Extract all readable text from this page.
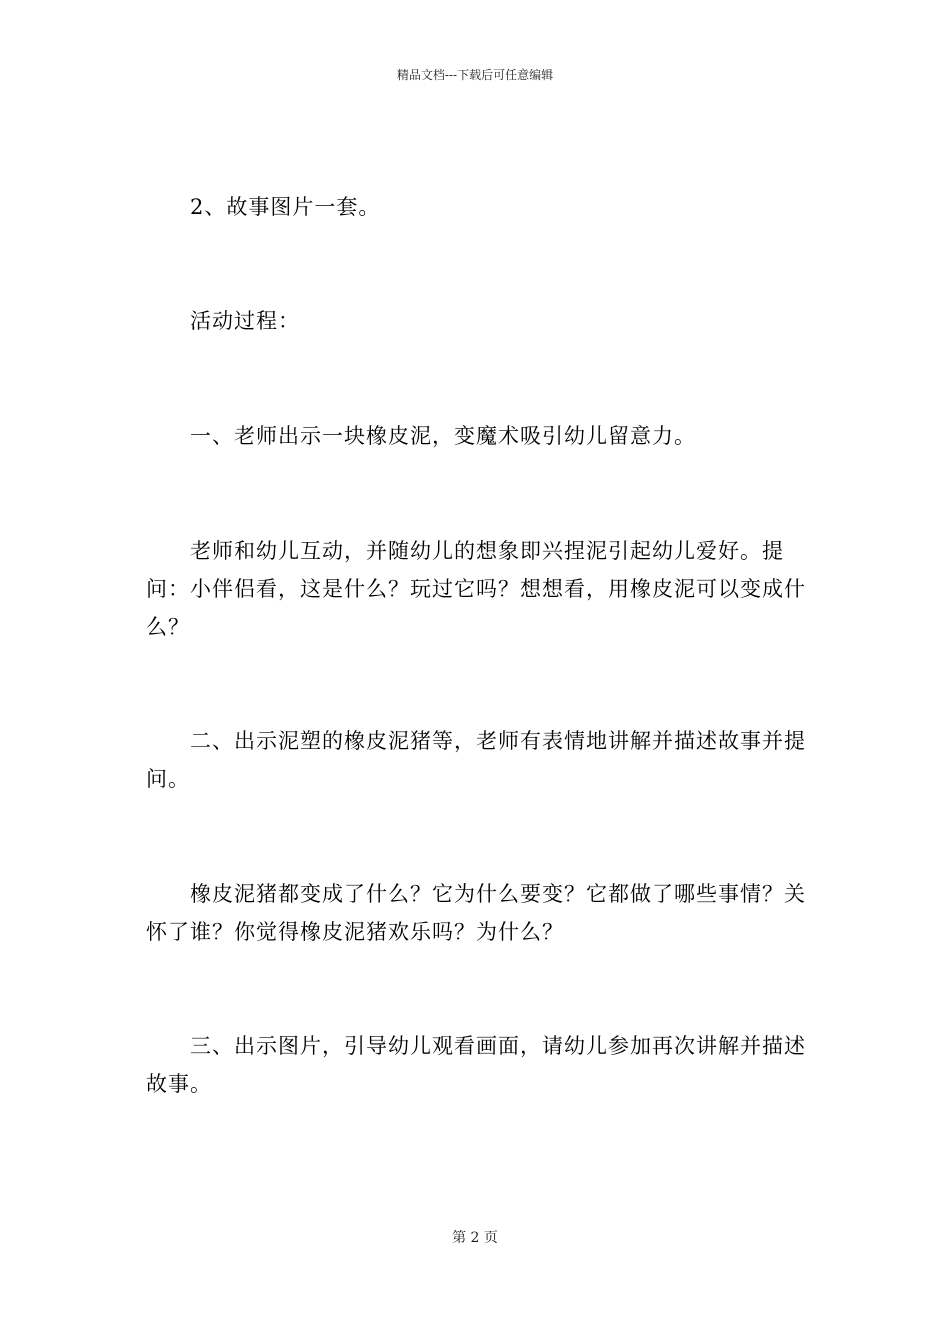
精品文档---下载后可任意编辑

2、故事图片一套。

活动过程：

一、老师出示一块橡皮泥，变魔术吸引幼儿留意力。

老师和幼儿互动，并随幼儿的想象即兴捏泥引起幼儿爱好。提问：小伴侣看，这是什么？玩过它吗？想想看，用橡皮泥可以变成什么？

二、出示泥塑的橡皮泥猪等，老师有表情地讲解并描述故事并提问。

橡皮泥猪都变成了什么？它为什么要变？它都做了哪些事情？关怀了谁？你觉得橡皮泥猪欢乐吗？为什么？

三、出示图片，引导幼儿观看画面，请幼儿参加再次讲解并描述故事。

第 2 页
